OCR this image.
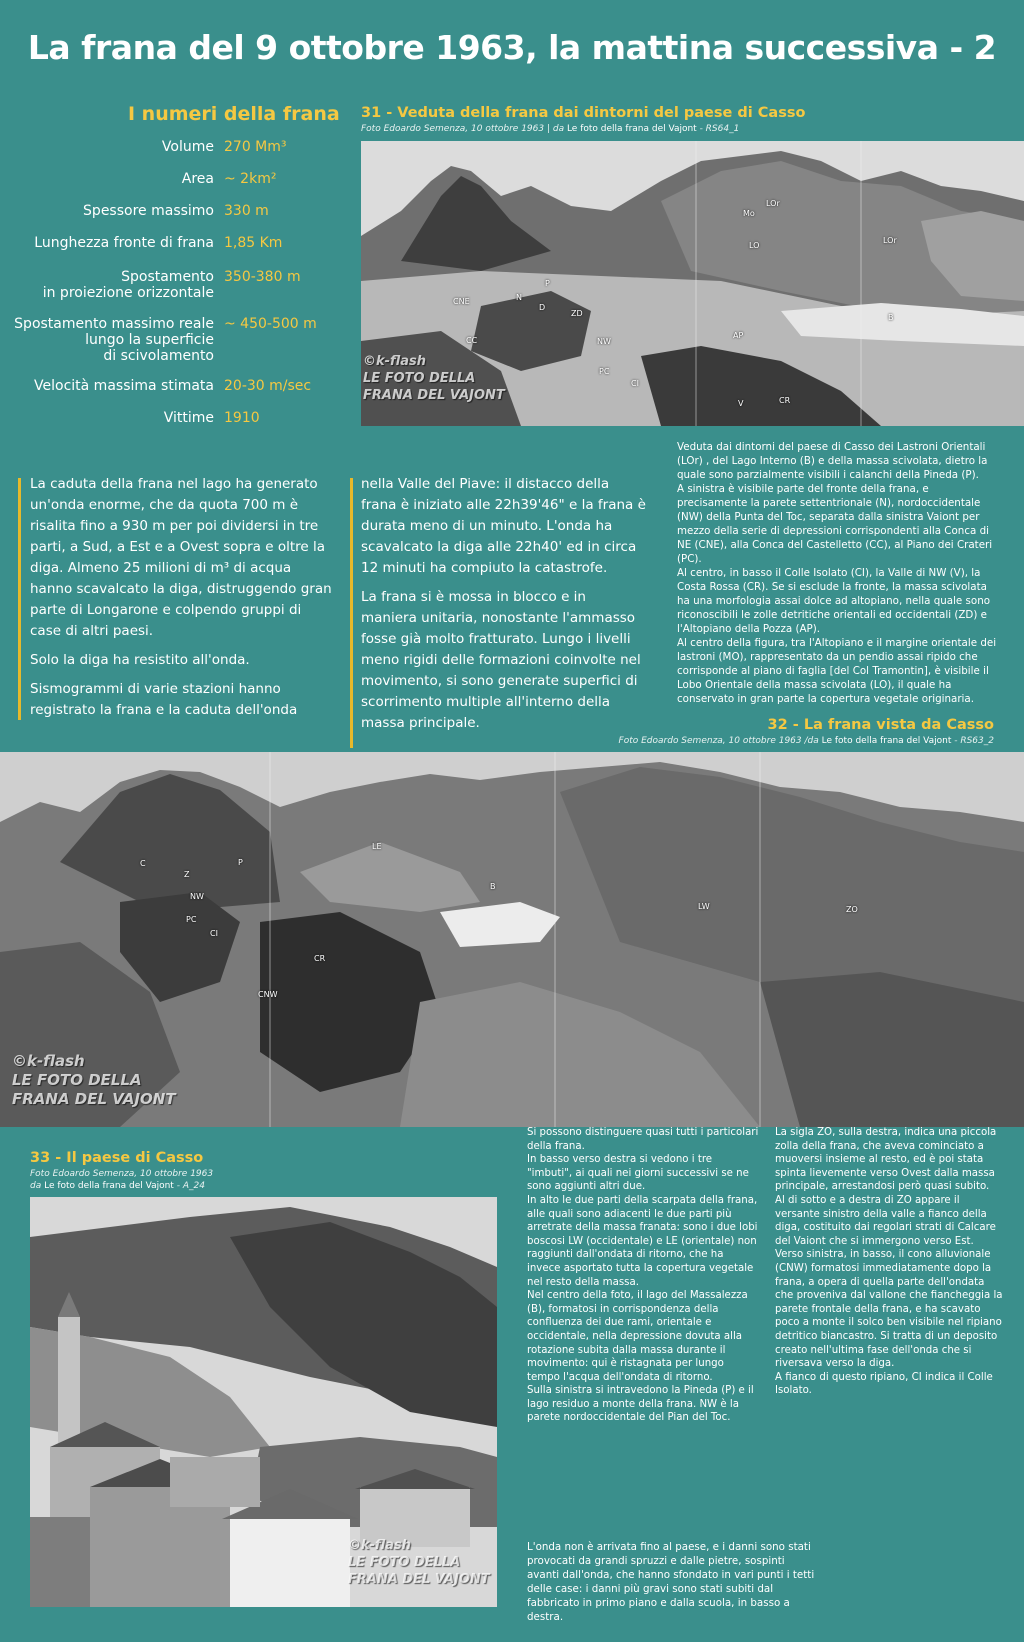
La frana del 9 ottobre 1963, la mattina successiva - 2
I numeri della frana
Volume 270 Mm³
Area ~ 2km²
Spessore massimo 330 m
Lunghezza fronte di frana 1,85 Km
Spostamento
in proiezione orizzontale
350-380 m
Spostamento massimo reale
lungo la superficie
di scivolamento
~ 450-500 m
Velocità massima stimata 20-30 m/sec
Vittime 1910
31 - Veduta della frana dai dintorni del paese di Casso
Foto Edoardo Semenza, 10 ottobre 1963 | da Le foto della frana del Vajont - RS64_1
LOr
Mo
LOr
LO
P
N
CNE
D
ZD
NW
CC
PC
AP
B
CI
CR
V
©k-flash
LE FOTO DELLA
FRANA DEL VAJONT
Veduta dai dintorni del paese di Casso dei Lastroni Orientali (LOr) , del Lago Interno (B) e della massa scivolata, dietro la quale sono parzialmente visibili i calanchi della Pineda (P).
A sinistra è visibile parte del fronte della frana, e precisamente la parete settentrionale (N), nordoccidentale (NW) della Punta del Toc, separata dalla sinistra Vaiont per mezzo della serie di depressioni corrispondenti alla Conca di NE (CNE), alla Conca del Castelletto (CC), al Piano dei Crateri (PC).
Al centro, in basso il Colle Isolato (CI), la Valle di NW (V), la Costa Rossa (CR). Se si esclude la fronte, la massa scivolata ha una morfologia assai dolce ad altopiano, nella quale sono riconoscibili le zolle detritiche orientali ed occidentali (ZD) e l'Altopiano della Pozza (AP).
Al centro della figura, tra l'Altopiano e il margine orientale dei lastroni (MO), rappresentato da un pendio assai ripido che corrisponde al piano di faglia [del Col Tramontin], è visibile il Lobo Orientale della massa scivolata (LO), il quale ha conservato in gran parte la copertura vegetale originaria.
La caduta della frana nel lago ha generato un'onda enorme, che da quota 700 m è risalita fino a 930 m per poi dividersi in tre parti, a Sud, a Est e a Ovest sopra e oltre la diga. Almeno 25 milioni di m³ di acqua hanno scavalcato la diga, distruggendo gran parte di Longarone e colpendo gruppi di case di altri paesi.
Solo la diga ha resistito all'onda.
Sismogrammi di varie stazioni hanno registrato la frana e la caduta dell'onda
nella Valle del Piave: il distacco della frana è iniziato alle 22h39'46" e la frana è durata meno di un minuto. L'onda ha scavalcato la diga alle 22h40' ed in circa 12 minuti ha compiuto la catastrofe.
La frana si è mossa in blocco e in maniera unitaria, nonostante l'ammasso fosse già molto fratturato. Lungo i livelli meno rigidi delle formazioni coinvolte nel movimento, si sono generate superfici di scorrimento multiple all'interno della massa principale.	32 - La frana vista da Casso
Foto Edoardo Semenza, 10 ottobre 1963 /da Le foto della frana del Vajont - RS63_2
C
Z
P
LE
NW
PC
CI
B
LW
CR
CNW
ZO
©k-flash
LE FOTO DELLA
FRANA DEL VAJONT
33 - Il paese di Casso
Foto Edoardo Semenza, 10 ottobre 1963
da Le foto della frana del Vajont - A_24
©k-flash
LE FOTO DELLA
FRANA DEL VAJONT
Si possono distinguere quasi tutti i particolari della frana.
In basso verso destra si vedono i tre "imbuti", ai quali nei giorni successivi se ne sono aggiunti altri due.
In alto le due parti della scarpata della frana, alle quali sono adiacenti le due parti più arretrate della massa franata: sono i due lobi boscosi LW (occidentale) e LE (orientale) non raggiunti dall'ondata di ritorno, che ha invece asportato tutta la copertura vegetale nel resto della massa.
Nel centro della foto, il lago del Massalezza (B), formatosi in corrispondenza della confluenza dei due rami, orientale e occidentale, nella depressione dovuta alla rotazione subita dalla massa durante il movimento: qui è ristagnata per lungo tempo l'acqua dell'ondata di ritorno.
Sulla sinistra si intravedono la Pineda (P) e il lago residuo a monte della frana. NW è la parete nordoccidentale del Pian del Toc.
La sigla ZO, sulla destra, indica una piccola zolla della frana, che aveva cominciato a muoversi insieme al resto, ed è poi stata spinta lievemente verso Ovest dalla massa principale, arrestandosi però quasi subito.
Al di sotto e a destra di ZO appare il versante sinistro della valle a fianco della diga, costituito dai regolari strati di Calcare del Vaiont che si immergono verso Est.
Verso sinistra, in basso, il cono alluvionale (CNW) formatosi immediatamente dopo la frana, a opera di quella parte dell'ondata che proveniva dal vallone che fiancheggia la parete frontale della frana, e ha scavato poco a monte il solco ben visibile nel ripiano detritico biancastro. Si tratta di un deposito creato nell'ultima fase dell'onda che si riversava verso la diga.
A fianco di questo ripiano, CI indica il Colle Isolato.
L'onda non è arrivata fino al paese, e i danni sono stati provocati da grandi spruzzi e dalle pietre, sospinti avanti dall'onda, che hanno sfondato in vari punti i tetti delle case: i danni più gravi sono stati subiti dal fabbricato in primo piano e dalla scuola, in basso a destra.
